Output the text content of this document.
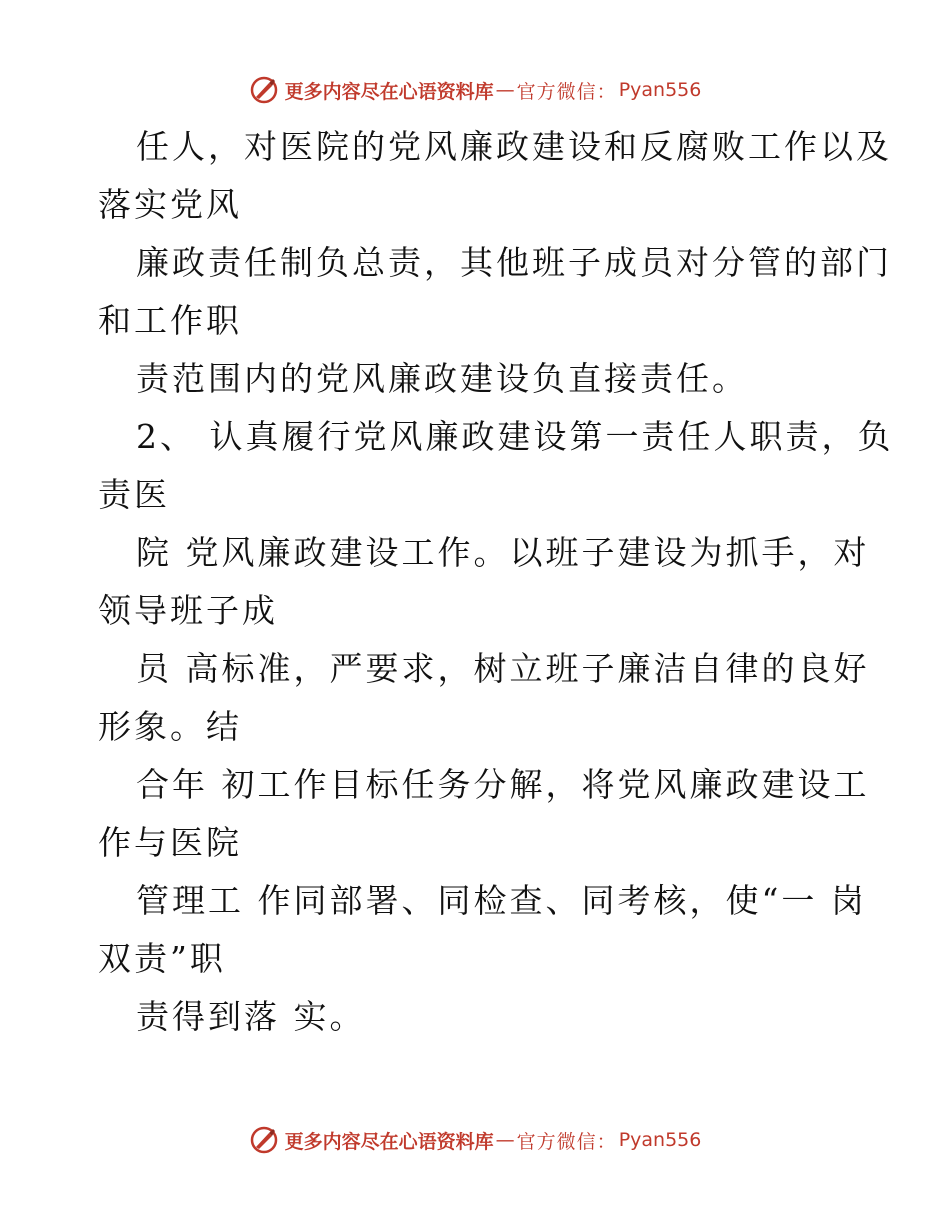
更多内容尽在心语资料库 — 官方微信： Pyan556
任人，对医院的党风廉政建设和反腐败工作以及
落实党风
廉政责任制负总责，其他班子成员对分管的部门
和工作职
责范围内的党风廉政建设负直接责任。
2、 认真履行党风廉政建设第一责任人职责，负
责医
院 党风廉政建设工作。以班子建设为抓手，对
领导班子成
员 高标准，严要求，树立班子廉洁自律的良好
形象。结
合年 初工作目标任务分解，将党风廉政建设工
作与医院
管理工 作同部署、同检查、同考核，使“一 岗
双责”职
责得到落 实。
更多内容尽在心语资料库 — 官方微信： Pyan556
